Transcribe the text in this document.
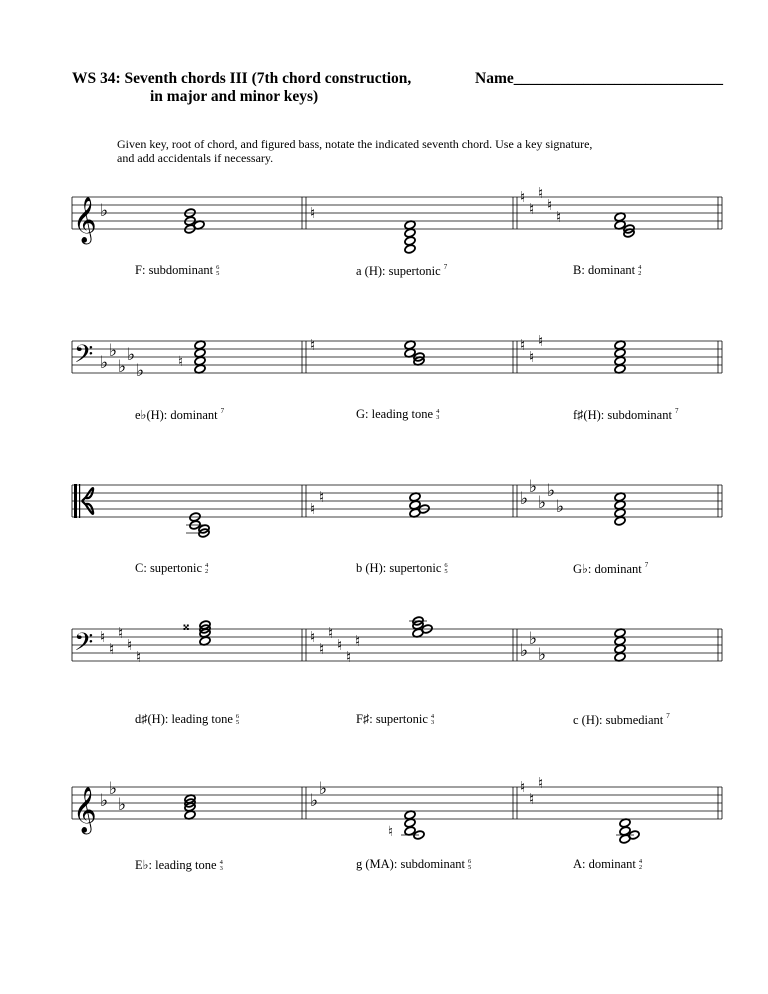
WS 34: Seventh chords III (7th chord construction,
in major and minor keys)
Name___________________________
Given key, root of chord, and figured bass, notate the indicated seventh chord. Use a key signature,
and add accidentals if necessary.
𝄞 ♭	♮
♮
♮
♮
♮
♮
𝄢 ♭
♭
♭
♭
♭
♮	♮
♮
♮
♮
♮
♮	♭
♭
♭
♭
♭
𝄢 ♮
♮
♮
♮
♮
♮
♮
♮
♮
♮
♮	♭
♭
♭
𝄪
𝄞 ♭
♭
♭	♭
♭	♮
♮
♮
♮
F: subdominant 6
5	a (H): supertonic $^7$	B: dominant 4
2
e♭(H): dominant $^7$	G: leading tone 4
3	f♯(H): subdominant $^7$
C: supertonic 4
2	b (H): supertonic 6
5	G♭: dominant $^7$
d♯(H): leading tone 6
5	F♯: supertonic 4
3	c (H): submediant $^7$
E♭: leading tone 4
3	g (MA): subdominant 6
5	A: dominant 4
2
